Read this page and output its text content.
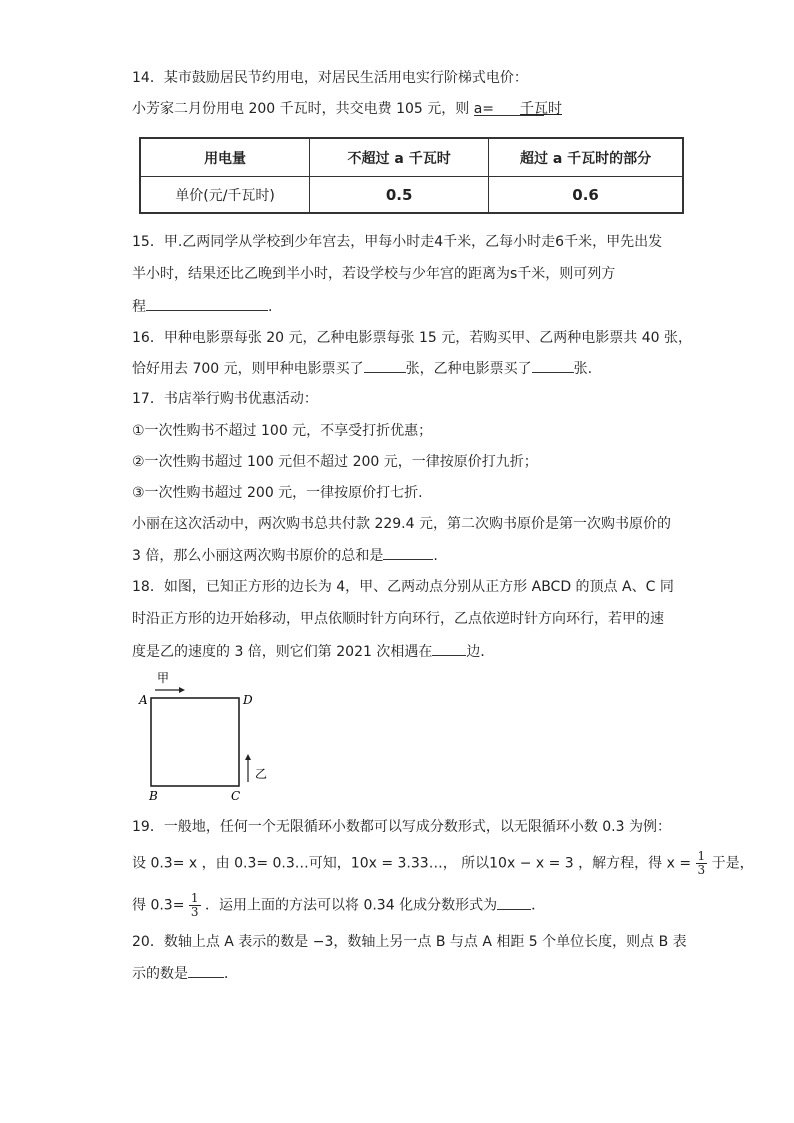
14．某市鼓励居民节约用电，对居民生活用电实行阶梯式电价：
小芳家二月份用电 200 千瓦时，共交电费 105 元，则 a= 千瓦时
用电量	不超过 a 千瓦时	超过 a 千瓦时的部分
单价(元/千瓦时)	0.5	0.6
15．甲.乙两同学从学校到少年宫去，甲每小时走4千米，乙每小时走6千米，甲先出发
半小时，结果还比乙晚到半小时，若设学校与少年宫的距离为s千米，则可列方
程	.
16．甲种电影票每张 20 元，乙种电影票每张 15 元，若购买甲、乙两种电影票共 40 张，
恰好用去 700 元，则甲种电影票买了	张，乙种电影票买了	张.
17．书店举行购书优惠活动：
①一次性购书不超过 100 元，不享受打折优惠；
②一次性购书超过 100 元但不超过 200 元，一律按原价打九折；
③一次性购书超过 200 元，一律按原价打七折.
小丽在这次活动中，两次购书总共付款 229.4 元，第二次购书原价是第一次购书原价的
3 倍，那么小丽这两次购书原价的总和是	.
18．如图，已知正方形的边长为 4，甲、乙两动点分别从正方形 ABCD 的顶点 A、C 同
时沿正方形的边开始移动，甲点依顺时针方向环行，乙点依逆时针方向环行，若甲的速
度是乙的速度的 3 倍，则它们第 2021 次相遇在 边．
甲
A	D
B	C
乙
19．一般地，任何一个无限循环小数都可以写成分数形式，以无限循环小数 0.3̇ 为例：
设 0.3̇= x ，由 0.3̇= 0.3…可知，10x = 3.33…， 所以10x − x = 3 ，解方程，得 $x = \frac{1}{3}$ 于是，
得 0.3̇= $\frac{1}{3}$ ．运用上面的方法可以将 0.3̇4̇ 化成分数形式为 ．
20．数轴上点 A 表示的数是 −3，数轴上另一点 B 与点 A 相距 5 个单位长度，则点 B 表
示的数是	．
